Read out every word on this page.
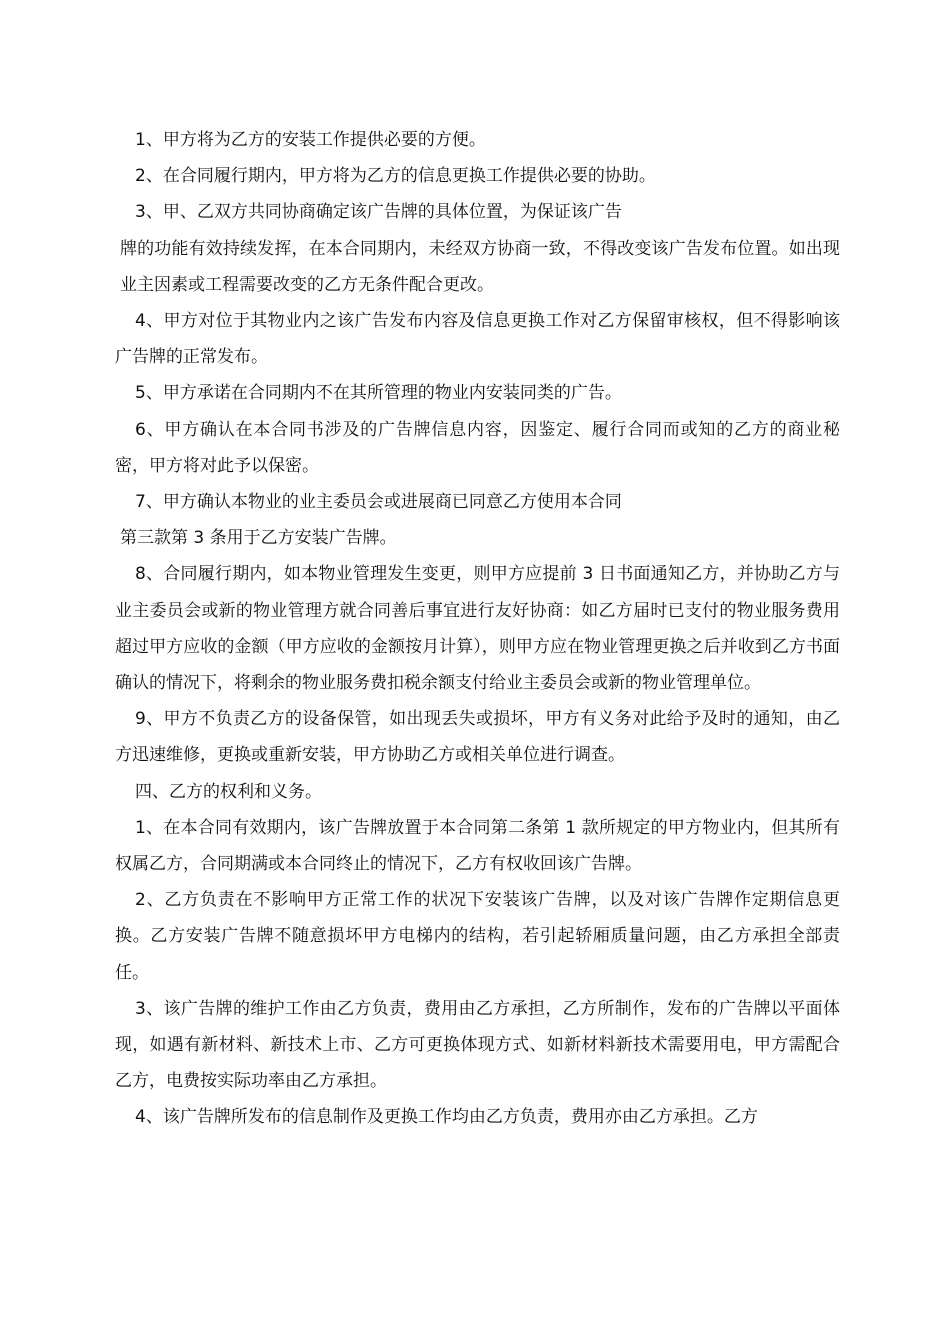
1、甲方将为乙方的安装工作提供必要的方便。

2、在合同履行期内，甲方将为乙方的信息更换工作提供必要的协助。

3、甲、乙双方共同协商确定该广告牌的具体位置，为保证该广告

牌的功能有效持续发挥，在本合同期内，未经双方协商一致，不得改变该广告发布位置。如出现业主因素或工程需要改变的乙方无条件配合更改。

4、甲方对位于其物业内之该广告发布内容及信息更换工作对乙方保留审核权，但不得影响该广告牌的正常发布。

5、甲方承诺在合同期内不在其所管理的物业内安装同类的广告。

6、甲方确认在本合同书涉及的广告牌信息内容，因鉴定、履行合同而或知的乙方的商业秘密，甲方将对此予以保密。

7、甲方确认本物业的业主委员会或进展商已同意乙方使用本合同

第三款第 3 条用于乙方安装广告牌。

8、合同履行期内，如本物业管理发生变更，则甲方应提前 3 日书面通知乙方，并协助乙方与业主委员会或新的物业管理方就合同善后事宜进行友好协商：如乙方届时已支付的物业服务费用超过甲方应收的金额（甲方应收的金额按月计算），则甲方应在物业管理更换之后并收到乙方书面确认的情况下，将剩余的物业服务费扣税余额支付给业主委员会或新的物业管理单位。

9、甲方不负责乙方的设备保管，如出现丢失或损坏，甲方有义务对此给予及时的通知，由乙方迅速维修，更换或重新安装，甲方协助乙方或相关单位进行调查。

四、乙方的权利和义务。

1、在本合同有效期内，该广告牌放置于本合同第二条第 1 款所规定的甲方物业内，但其所有权属乙方，合同期满或本合同终止的情况下，乙方有权收回该广告牌。

2、乙方负责在不影响甲方正常工作的状况下安装该广告牌，以及对该广告牌作定期信息更换。乙方安装广告牌不随意损坏甲方电梯内的结构，若引起轿厢质量问题，由乙方承担全部责任。

3、该广告牌的维护工作由乙方负责，费用由乙方承担，乙方所制作，发布的广告牌以平面体现，如遇有新材料、新技术上市、乙方可更换体现方式、如新材料新技术需要用电，甲方需配合乙方，电费按实际功率由乙方承担。

4、该广告牌所发布的信息制作及更换工作均由乙方负责，费用亦由乙方承担。乙方
